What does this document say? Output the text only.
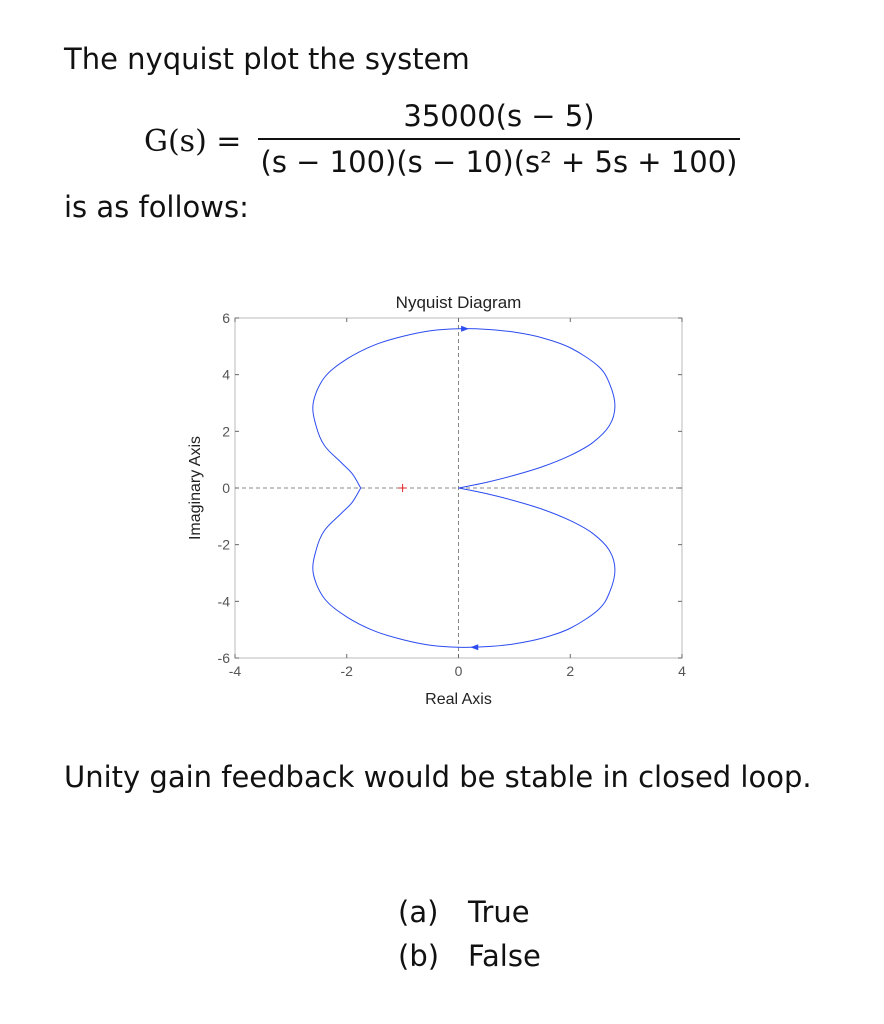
The nyquist plot the system
G(s) =
35000(s − 5)
(s − 100)(s − 10)(s² + 5s + 100)
is as follows:
-4	-2	0	2	4
6
4
2
0
-2
-4
-6
Nyquist Diagram
Real Axis
Imaginary Axis
Unity gain feedback would be stable in closed loop.
(a)	True
(b) False
